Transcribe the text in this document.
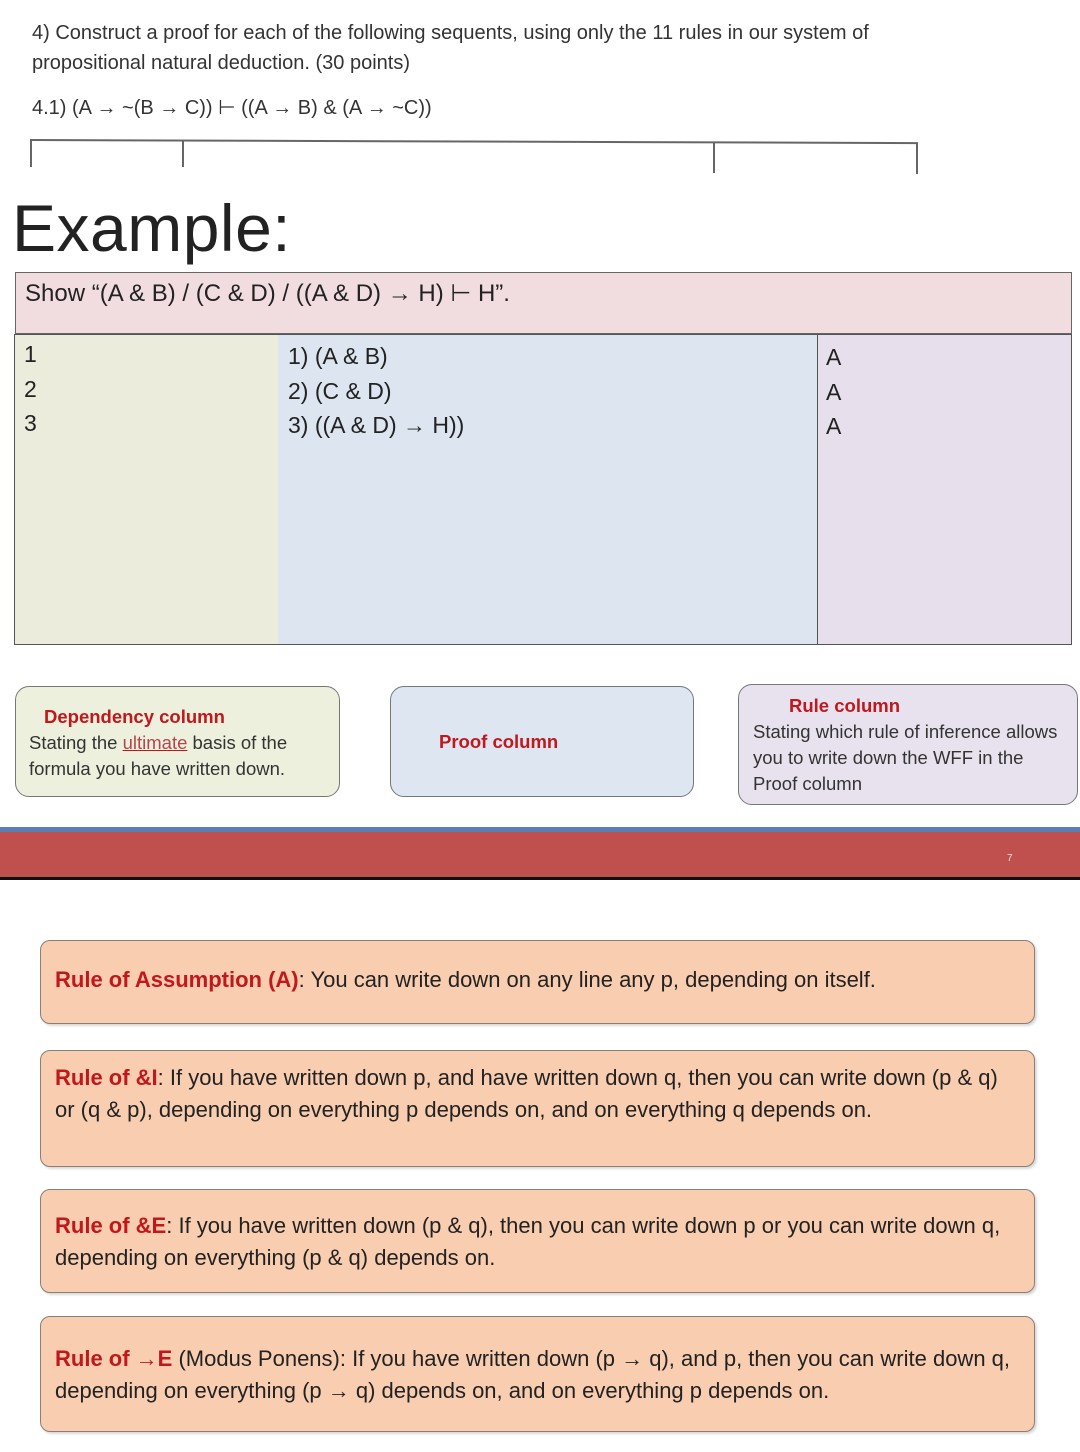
4) Construct a proof for each of the following sequents, using only the 11 rules in our system of propositional natural deduction. (30 points)
4.1) (A → ~(B → C)) ⊢ ((A → B) & (A → ~C))
Example:
Show “(A & B) / (C & D) / ((A & D) → H) ⊢ H”.
1
2
3
1) (A & B)
2) (C & D)
3) ((A & D) → H))
A
A
A
Dependency column
Stating the ultimate basis of the formula you have written down.
Proof column
Rule column
Stating which rule of inference allows you to write down the WFF in the Proof column
7
Rule of Assumption (A): You can write down on any line any p, depending on itself.
Rule of &I: If you have written down p, and have written down q, then you can write down (p & q) or (q & p), depending on everything p depends on, and on everything q depends on.
Rule of &E: If you have written down (p & q), then you can write down p or you can write down q, depending on everything (p & q) depends on.
Rule of →E (Modus Ponens): If you have written down (p → q), and p, then you can write down q, depending on everything (p → q) depends on, and on everything p depends on.
